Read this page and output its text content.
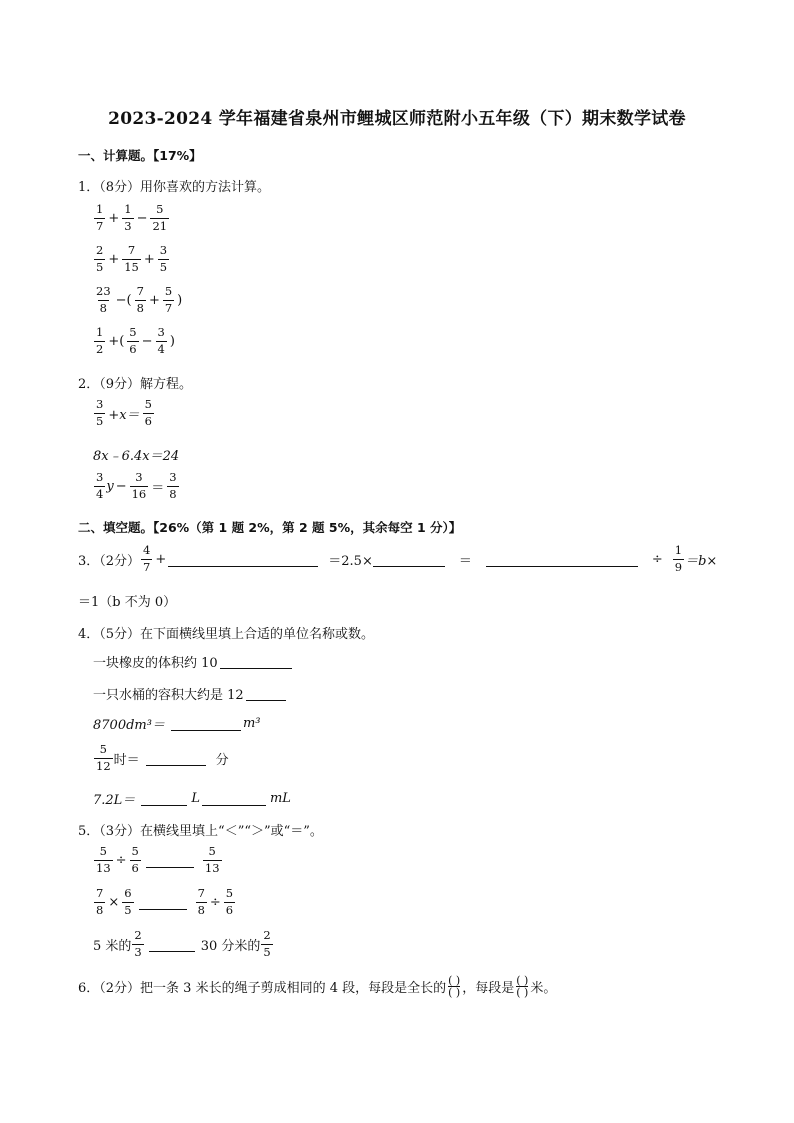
2023-2024 学年福建省泉州市鲤城区师范附小五年级（下）期末数学试卷
一、计算题。【17%】
1．（8分）用你喜欢的方法计算。
$\frac{1}{7} + \frac{1}{3} - \frac{5}{21}$
$\frac{2}{5} + \frac{7}{15} + \frac{3}{5}$
$\frac{23}{8}$ −( $\frac{7}{8} + \frac{5}{7}$ )
$\frac{1}{2}$ +( $\frac{5}{6} - \frac{3}{4}$ )
2．（9分）解方程。
$\frac{3}{5} +x= \frac{5}{6}$
8x﹣6.4x＝24
$\frac{3}{4}$ $y - \frac{3}{16} = \frac{3}{8}$
二、填空题。【26%（第 1 题 2%，第 2 题 5%，其余每空 1 分）】
3．（2分） $\frac{4}{7}$ +	＝2.5×	＝	÷ $\frac{1}{9} =b\times$
＝1（b 不为 0）
4．（5分）在下面横线里填上合适的单位名称或数。
一块橡皮的体积约 10
一只水桶的容积大约是 12
8700dm³＝	m³
$\frac{5}{12}$ 时＝	分
7.2L＝	L	mL
5．（3分）在横线里填上“＜”“＞”或“＝”。
$\frac{5}{13} \div \frac{5}{6}$	$\frac{5}{13}$
$\frac{7}{8} \times \frac{6}{5}$	$\frac{7}{8} \div \frac{5}{6}$
5 米的 $\frac{2}{3}$	30 分米的 $\frac{2}{5}$
6．（2分）把一条 3 米长的绳子剪成相同的 4 段，每段是全长的
( )
( ) ，每段是
( )
( ) 米。
